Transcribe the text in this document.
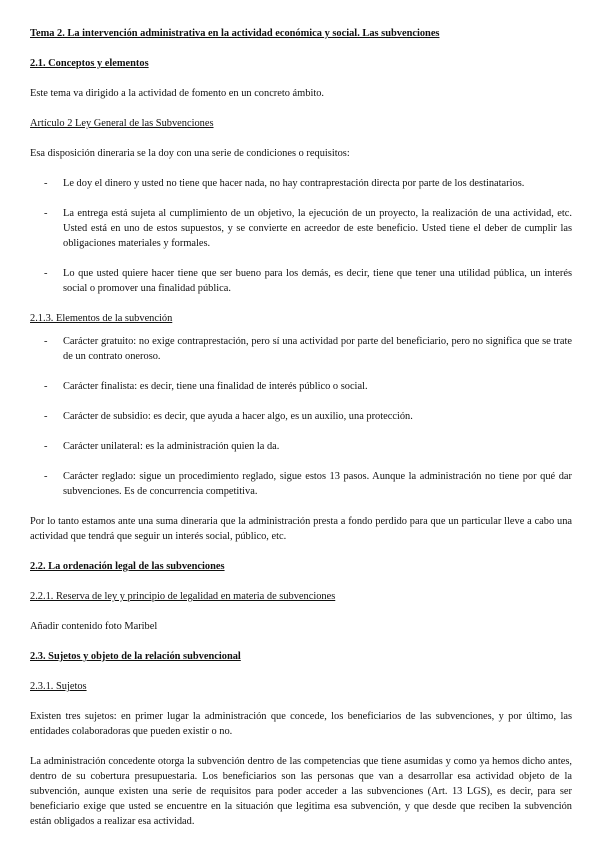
Tema 2. La intervención administrativa en la actividad económica y social. Las subvenciones

2.1. Conceptos y elementos

Este tema va dirigido a la actividad de fomento en un concreto ámbito.

Artículo 2 Ley General de las Subvenciones

Esa disposición dineraria se la doy con una serie de condiciones o requisitos:

- Le doy el dinero y usted no tiene que hacer nada, no hay contraprestación directa por parte de los destinatarios.
- La entrega está sujeta al cumplimiento de un objetivo, la ejecución de un proyecto, la realización de una actividad, etc. Usted está en uno de estos supuestos, y se convierte en acreedor de este beneficio. Usted tiene el deber de cumplir las obligaciones materiales y formales.
- Lo que usted quiere hacer tiene que ser bueno para los demás, es decir, tiene que tener una utilidad pública, un interés social o promover una finalidad pública.

2.1.3. Elementos de la subvención

- Carácter gratuito: no exige contraprestación, pero sí una actividad por parte del beneficiario, pero no significa que se trate de un contrato oneroso.
- Carácter finalista: es decir, tiene una finalidad de interés público o social.
- Carácter de subsidio: es decir, que ayuda a hacer algo, es un auxilio, una protección.
- Carácter unilateral: es la administración quien la da.
- Carácter reglado: sigue un procedimiento reglado, sigue estos 13 pasos. Aunque la administración no tiene por qué dar subvenciones. Es de concurrencia competitiva.

Por lo tanto estamos ante una suma dineraria que la administración presta a fondo perdido para que un particular lleve a cabo una actividad que tendrá que seguir un interés social, público, etc.

2.2. La ordenación legal de las subvenciones

2.2.1. Reserva de ley y principio de legalidad en materia de subvenciones

Añadir contenido foto Maribel

2.3. Sujetos y objeto de la relación subvencional

2.3.1. Sujetos

Existen tres sujetos: en primer lugar la administración que concede, los beneficiarios de las subvenciones, y por último, las entidades colaboradoras que pueden existir o no.

La administración concedente otorga la subvención dentro de las competencias que tiene asumidas y como ya hemos dicho antes, dentro de su cobertura presupuestaria. Los beneficiarios son las personas que van a desarrollar esa actividad objeto de la subvención, aunque existen una serie de requisitos para poder acceder a las subvenciones (Art. 13 LGS), es decir, para ser beneficiario exige que usted se encuentre en la situación que legitima esa subvención, y que desde que reciben la subvención están obligados a realizar esa actividad.
